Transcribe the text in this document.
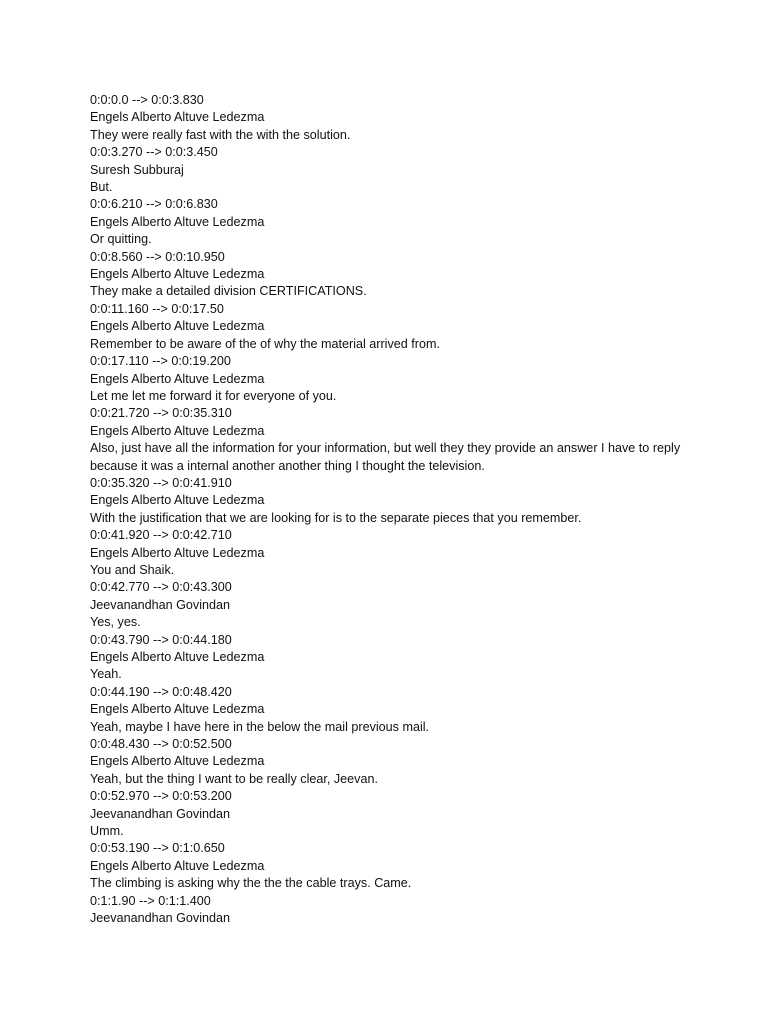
0:0:0.0 --> 0:0:3.830
Engels Alberto Altuve Ledezma
They were really fast with the with the solution.
0:0:3.270 --> 0:0:3.450
Suresh Subburaj
But.
0:0:6.210 --> 0:0:6.830
Engels Alberto Altuve Ledezma
Or quitting.
0:0:8.560 --> 0:0:10.950
Engels Alberto Altuve Ledezma
They make a detailed division CERTIFICATIONS.
0:0:11.160 --> 0:0:17.50
Engels Alberto Altuve Ledezma
Remember to be aware of the of why the material arrived from.
0:0:17.110 --> 0:0:19.200
Engels Alberto Altuve Ledezma
Let me let me forward it for everyone of you.
0:0:21.720 --> 0:0:35.310
Engels Alberto Altuve Ledezma
Also, just have all the information for your information, but well they they provide an answer I have to reply because it was a internal another another thing I thought the television.
0:0:35.320 --> 0:0:41.910
Engels Alberto Altuve Ledezma
With the justification that we are looking for is to the separate pieces that you remember.
0:0:41.920 --> 0:0:42.710
Engels Alberto Altuve Ledezma
You and Shaik.
0:0:42.770 --> 0:0:43.300
Jeevanandhan Govindan
Yes, yes.
0:0:43.790 --> 0:0:44.180
Engels Alberto Altuve Ledezma
Yeah.
0:0:44.190 --> 0:0:48.420
Engels Alberto Altuve Ledezma
Yeah, maybe I have here in the below the mail previous mail.
0:0:48.430 --> 0:0:52.500
Engels Alberto Altuve Ledezma
Yeah, but the thing I want to be really clear, Jeevan.
0:0:52.970 --> 0:0:53.200
Jeevanandhan Govindan
Umm.
0:0:53.190 --> 0:1:0.650
Engels Alberto Altuve Ledezma
The climbing is asking why the the the cable trays. Came.
0:1:1.90 --> 0:1:1.400
Jeevanandhan Govindan
